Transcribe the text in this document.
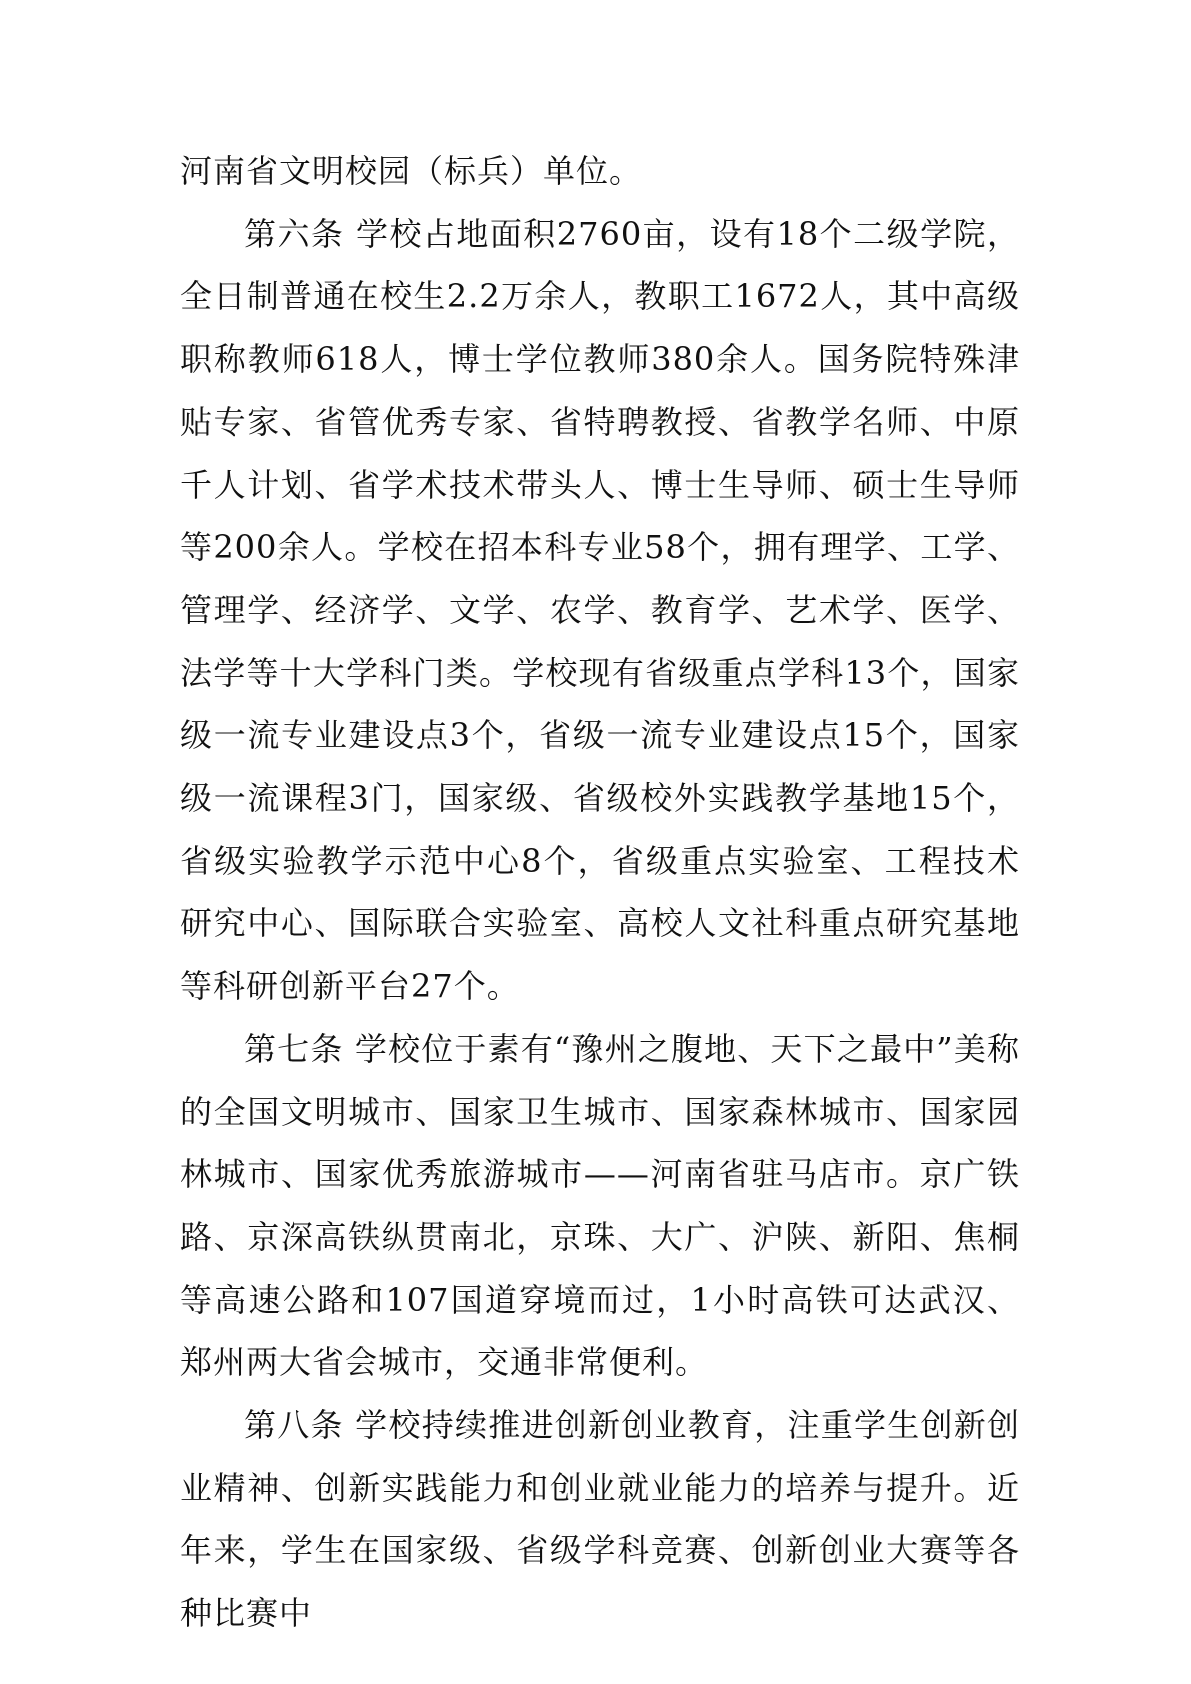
河南省文明校园（标兵）单位。

第六条 学校占地面积2760亩，设有18个二级学院，全日制普通在校生2.2万余人，教职工1672人，其中高级职称教师618人，博士学位教师380余人。国务院特殊津贴专家、省管优秀专家、省特聘教授、省教学名师、中原千人计划、省学术技术带头人、博士生导师、硕士生导师等200余人。学校在招本科专业58个，拥有理学、工学、管理学、经济学、文学、农学、教育学、艺术学、医学、法学等十大学科门类。学校现有省级重点学科13个，国家级一流专业建设点3个，省级一流专业建设点15个，国家级一流课程3门，国家级、省级校外实践教学基地15个，省级实验教学示范中心8个，省级重点实验室、工程技术研究中心、国际联合实验室、高校人文社科重点研究基地等科研创新平台27个。

第七条 学校位于素有“豫州之腹地、天下之最中”美称的全国文明城市、国家卫生城市、国家森林城市、国家园林城市、国家优秀旅游城市——河南省驻马店市。京广铁路、京深高铁纵贯南北，京珠、大广、沪陕、新阳、焦桐等高速公路和107国道穿境而过，1小时高铁可达武汉、郑州两大省会城市，交通非常便利。

第八条 学校持续推进创新创业教育，注重学生创新创业精神、创新实践能力和创业就业能力的培养与提升。近年来，学生在国家级、省级学科竞赛、创新创业大赛等各种比赛中
